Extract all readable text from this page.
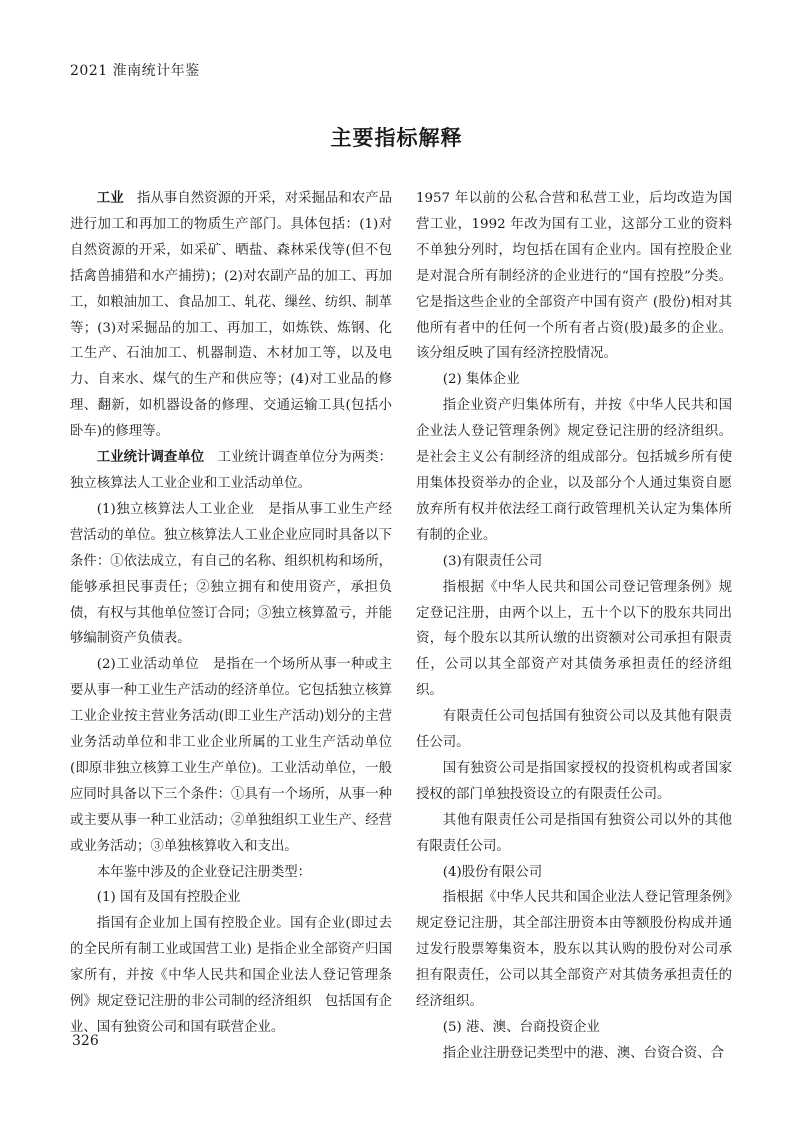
2021 淮南统计年鉴
主要指标解释

工业 指从事自然资源的开采，对采掘品和农产品进行加工和再加工的物质生产部门。具体包括：(1)对自然资源的开采，如采矿、晒盐、森林采伐等(但不包括禽兽捕猎和水产捕捞)；(2)对农副产品的加工、再加工，如粮油加工、食品加工、轧花、缫丝、纺织、制革等；(3)对采掘品的加工、再加工，如炼铁、炼钢、化工生产、石油加工、机器制造、木材加工等，以及电力、自来水、煤气的生产和供应等；(4)对工业品的修理、翻新，如机器设备的修理、交通运输工具(包括小卧车)的修理等。

工业统计调查单位 工业统计调查单位分为两类：独立核算法人工业企业和工业活动单位。

(1)独立核算法人工业企业　是指从事工业生产经营活动的单位。独立核算法人工业企业应同时具备以下条件：①依法成立，有自己的名称、组织机构和场所，能够承担民事责任；②独立拥有和使用资产，承担负债，有权与其他单位签订合同；③独立核算盈亏，并能够编制资产负债表。

(2)工业活动单位　是指在一个场所从事一种或主要从事一种工业生产活动的经济单位。它包括独立核算工业企业按主营业务活动(即工业生产活动)划分的主营业务活动单位和非工业企业所属的工业生产活动单位 (即原非独立核算工业生产单位)。工业活动单位，一般应同时具备以下三个条件：①具有一个场所，从事一种或主要从事一种工业活动；②单独组织工业生产、经营或业务活动；③单独核算收入和支出。

本年鉴中涉及的企业登记注册类型：

(1) 国有及国有控股企业

指国有企业加上国有控股企业。国有企业(即过去的全民所有制工业或国营工业) 是指企业全部资产归国家所有，并按《中华人民共和国企业法人登记管理条例》规定登记注册的非公司制的经济组织　包括国有企业、国有独资公司和国有联营企业。

1957 年以前的公私合营和私营工业，后均改造为国营工业，1992 年改为国有工业，这部分工业的资料不单独分列时，均包括在国有企业内。国有控股企业是对混合所有制经济的企业进行的“国有控股”分类。它是指这些企业的全部资产中国有资产 (股份)相对其他所有者中的任何一个所有者占资(股)最多的企业。该分组反映了国有经济控股情况。

(2) 集体企业

指企业资产归集体所有，并按《中华人民共和国企业法人登记管理条例》规定登记注册的经济组织。是社会主义公有制经济的组成部分。包括城乡所有使用集体投资举办的企业，以及部分个人通过集资自愿放弃所有权并依法经工商行政管理机关认定为集体所有制的企业。

(3)有限责任公司

指根据《中华人民共和国公司登记管理条例》规定登记注册，由两个以上，五十个以下的股东共同出资，每个股东以其所认缴的出资额对公司承担有限责任，公司以其全部资产对其债务承担责任的经济组织。

有限责任公司包括国有独资公司以及其他有限责任公司。

国有独资公司是指国家授权的投资机构或者国家授权的部门单独投资设立的有限责任公司。

其他有限责任公司是指国有独资公司以外的其他有限责任公司。

(4)股份有限公司

指根据《中华人民共和国企业法人登记管理条例》规定登记注册，其全部注册资本由等额股份构成并通过发行股票筹集资本，股东以其认购的股份对公司承担有限责任，公司以其全部资产对其债务承担责任的经济组织。

(5) 港、澳、台商投资企业

指企业注册登记类型中的港、澳、台资合资、合

326
